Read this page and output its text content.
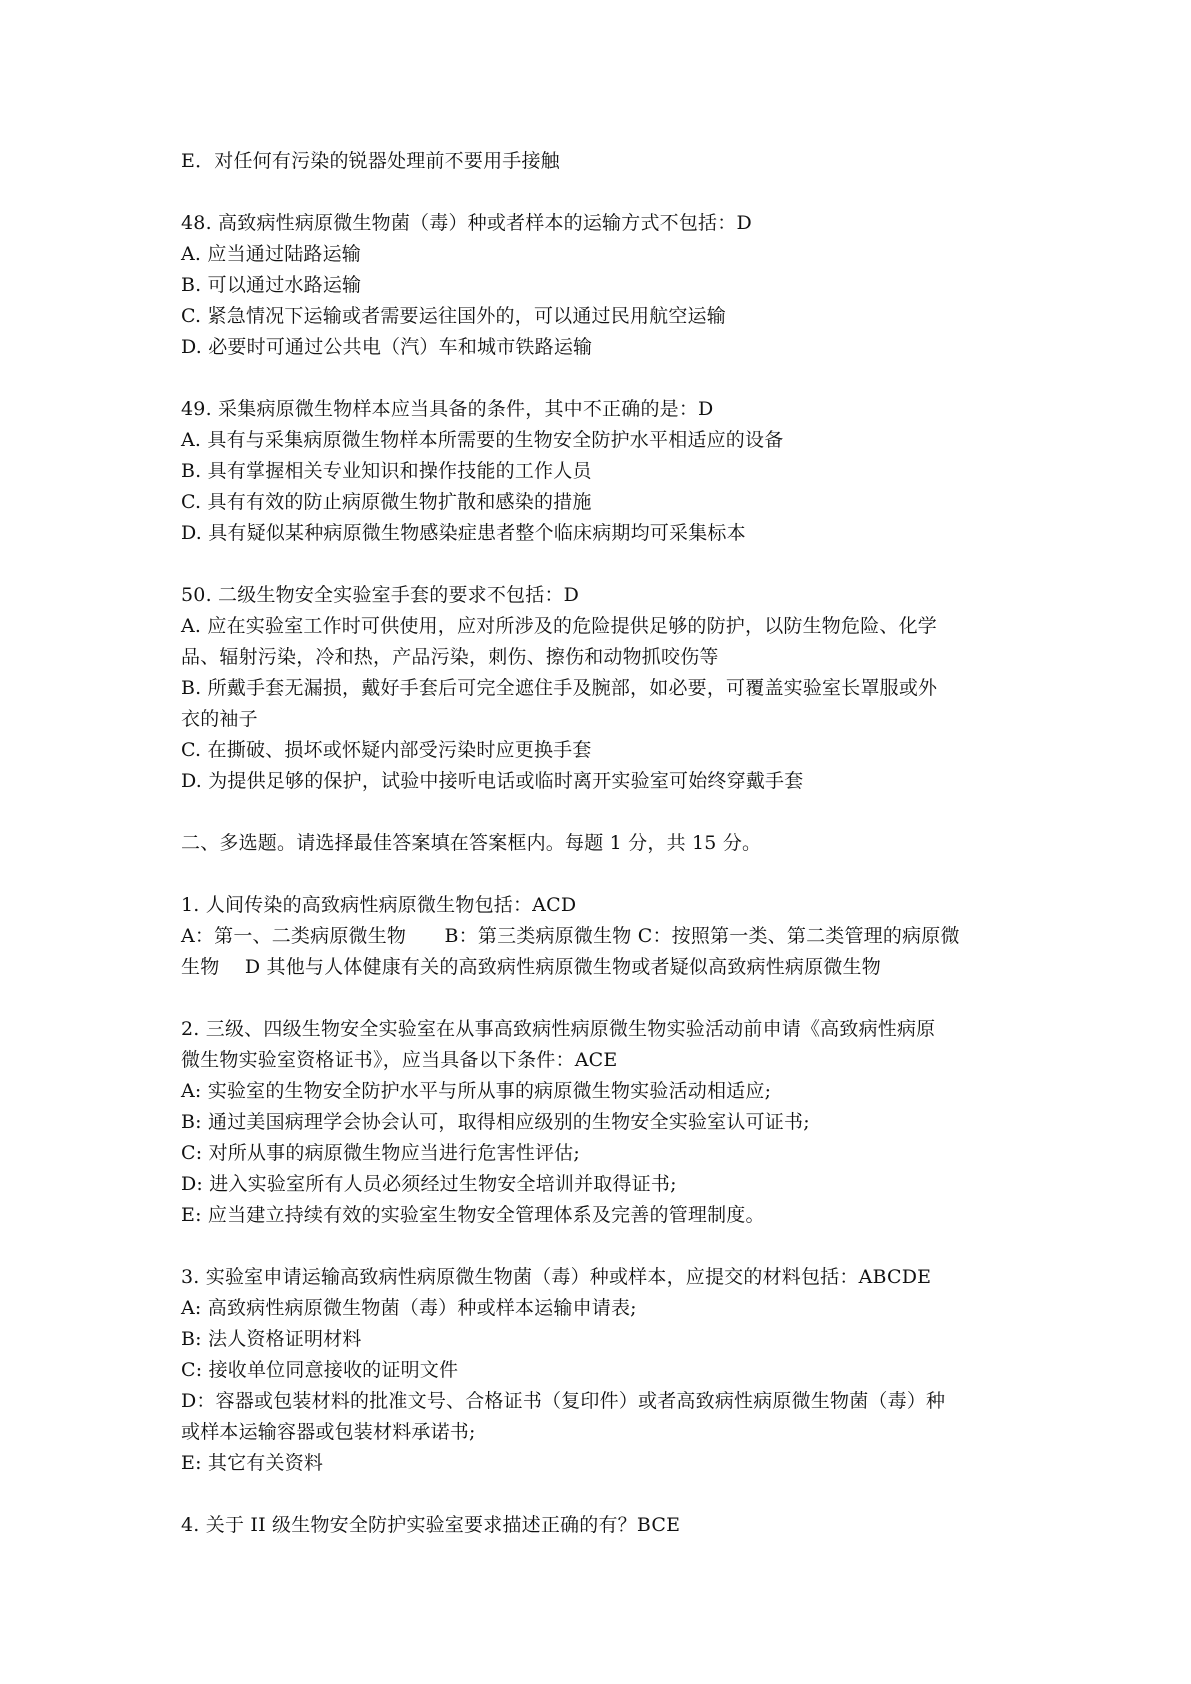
E．对任何有污染的锐器处理前不要用手接触
48. 高致病性病原微生物菌（毒）种或者样本的运输方式不包括：D
A. 应当通过陆路运输
B. 可以通过水路运输
C. 紧急情况下运输或者需要运往国外的，可以通过民用航空运输
D. 必要时可通过公共电（汽）车和城市铁路运输
49. 采集病原微生物样本应当具备的条件，其中不正确的是：D
A. 具有与采集病原微生物样本所需要的生物安全防护水平相适应的设备
B. 具有掌握相关专业知识和操作技能的工作人员
C. 具有有效的防止病原微生物扩散和感染的措施
D. 具有疑似某种病原微生物感染症患者整个临床病期均可采集标本
50. 二级生物安全实验室手套的要求不包括：D
A. 应在实验室工作时可供使用，应对所涉及的危险提供足够的防护，以防生物危险、化学
品、辐射污染，冷和热，产品污染，刺伤、擦伤和动物抓咬伤等
B. 所戴手套无漏损，戴好手套后可完全遮住手及腕部，如必要，可覆盖实验室长罩服或外
衣的袖子
C. 在撕破、损坏或怀疑内部受污染时应更换手套
D. 为提供足够的保护，试验中接听电话或临时离开实验室可始终穿戴手套
二、多选题。请选择最佳答案填在答案框内。每题 1 分，共 15 分。
1. 人间传染的高致病性病原微生物包括：ACD
A：第一、二类病原微生物　　B：第三类病原微生物 C：按照第一类、第二类管理的病原微
生物　 D 其他与人体健康有关的高致病性病原微生物或者疑似高致病性病原微生物
2. 三级、四级生物安全实验室在从事高致病性病原微生物实验活动前申请《高致病性病原
微生物实验室资格证书》，应当具备以下条件：ACE
A: 实验室的生物安全防护水平与所从事的病原微生物实验活动相适应;
B: 通过美国病理学会协会认可，取得相应级别的生物安全实验室认可证书;
C: 对所从事的病原微生物应当进行危害性评估;
D: 进入实验室所有人员必须经过生物安全培训并取得证书;
E: 应当建立持续有效的实验室生物安全管理体系及完善的管理制度。
3. 实验室申请运输高致病性病原微生物菌（毒）种或样本，应提交的材料包括：ABCDE
A: 高致病性病原微生物菌（毒）种或样本运输申请表;
B: 法人资格证明材料
C: 接收单位同意接收的证明文件
D：容器或包装材料的批准文号、合格证书（复印件）或者高致病性病原微生物菌（毒）种
或样本运输容器或包装材料承诺书;
E: 其它有关资料
4. 关于 II 级生物安全防护实验室要求描述正确的有？BCE
